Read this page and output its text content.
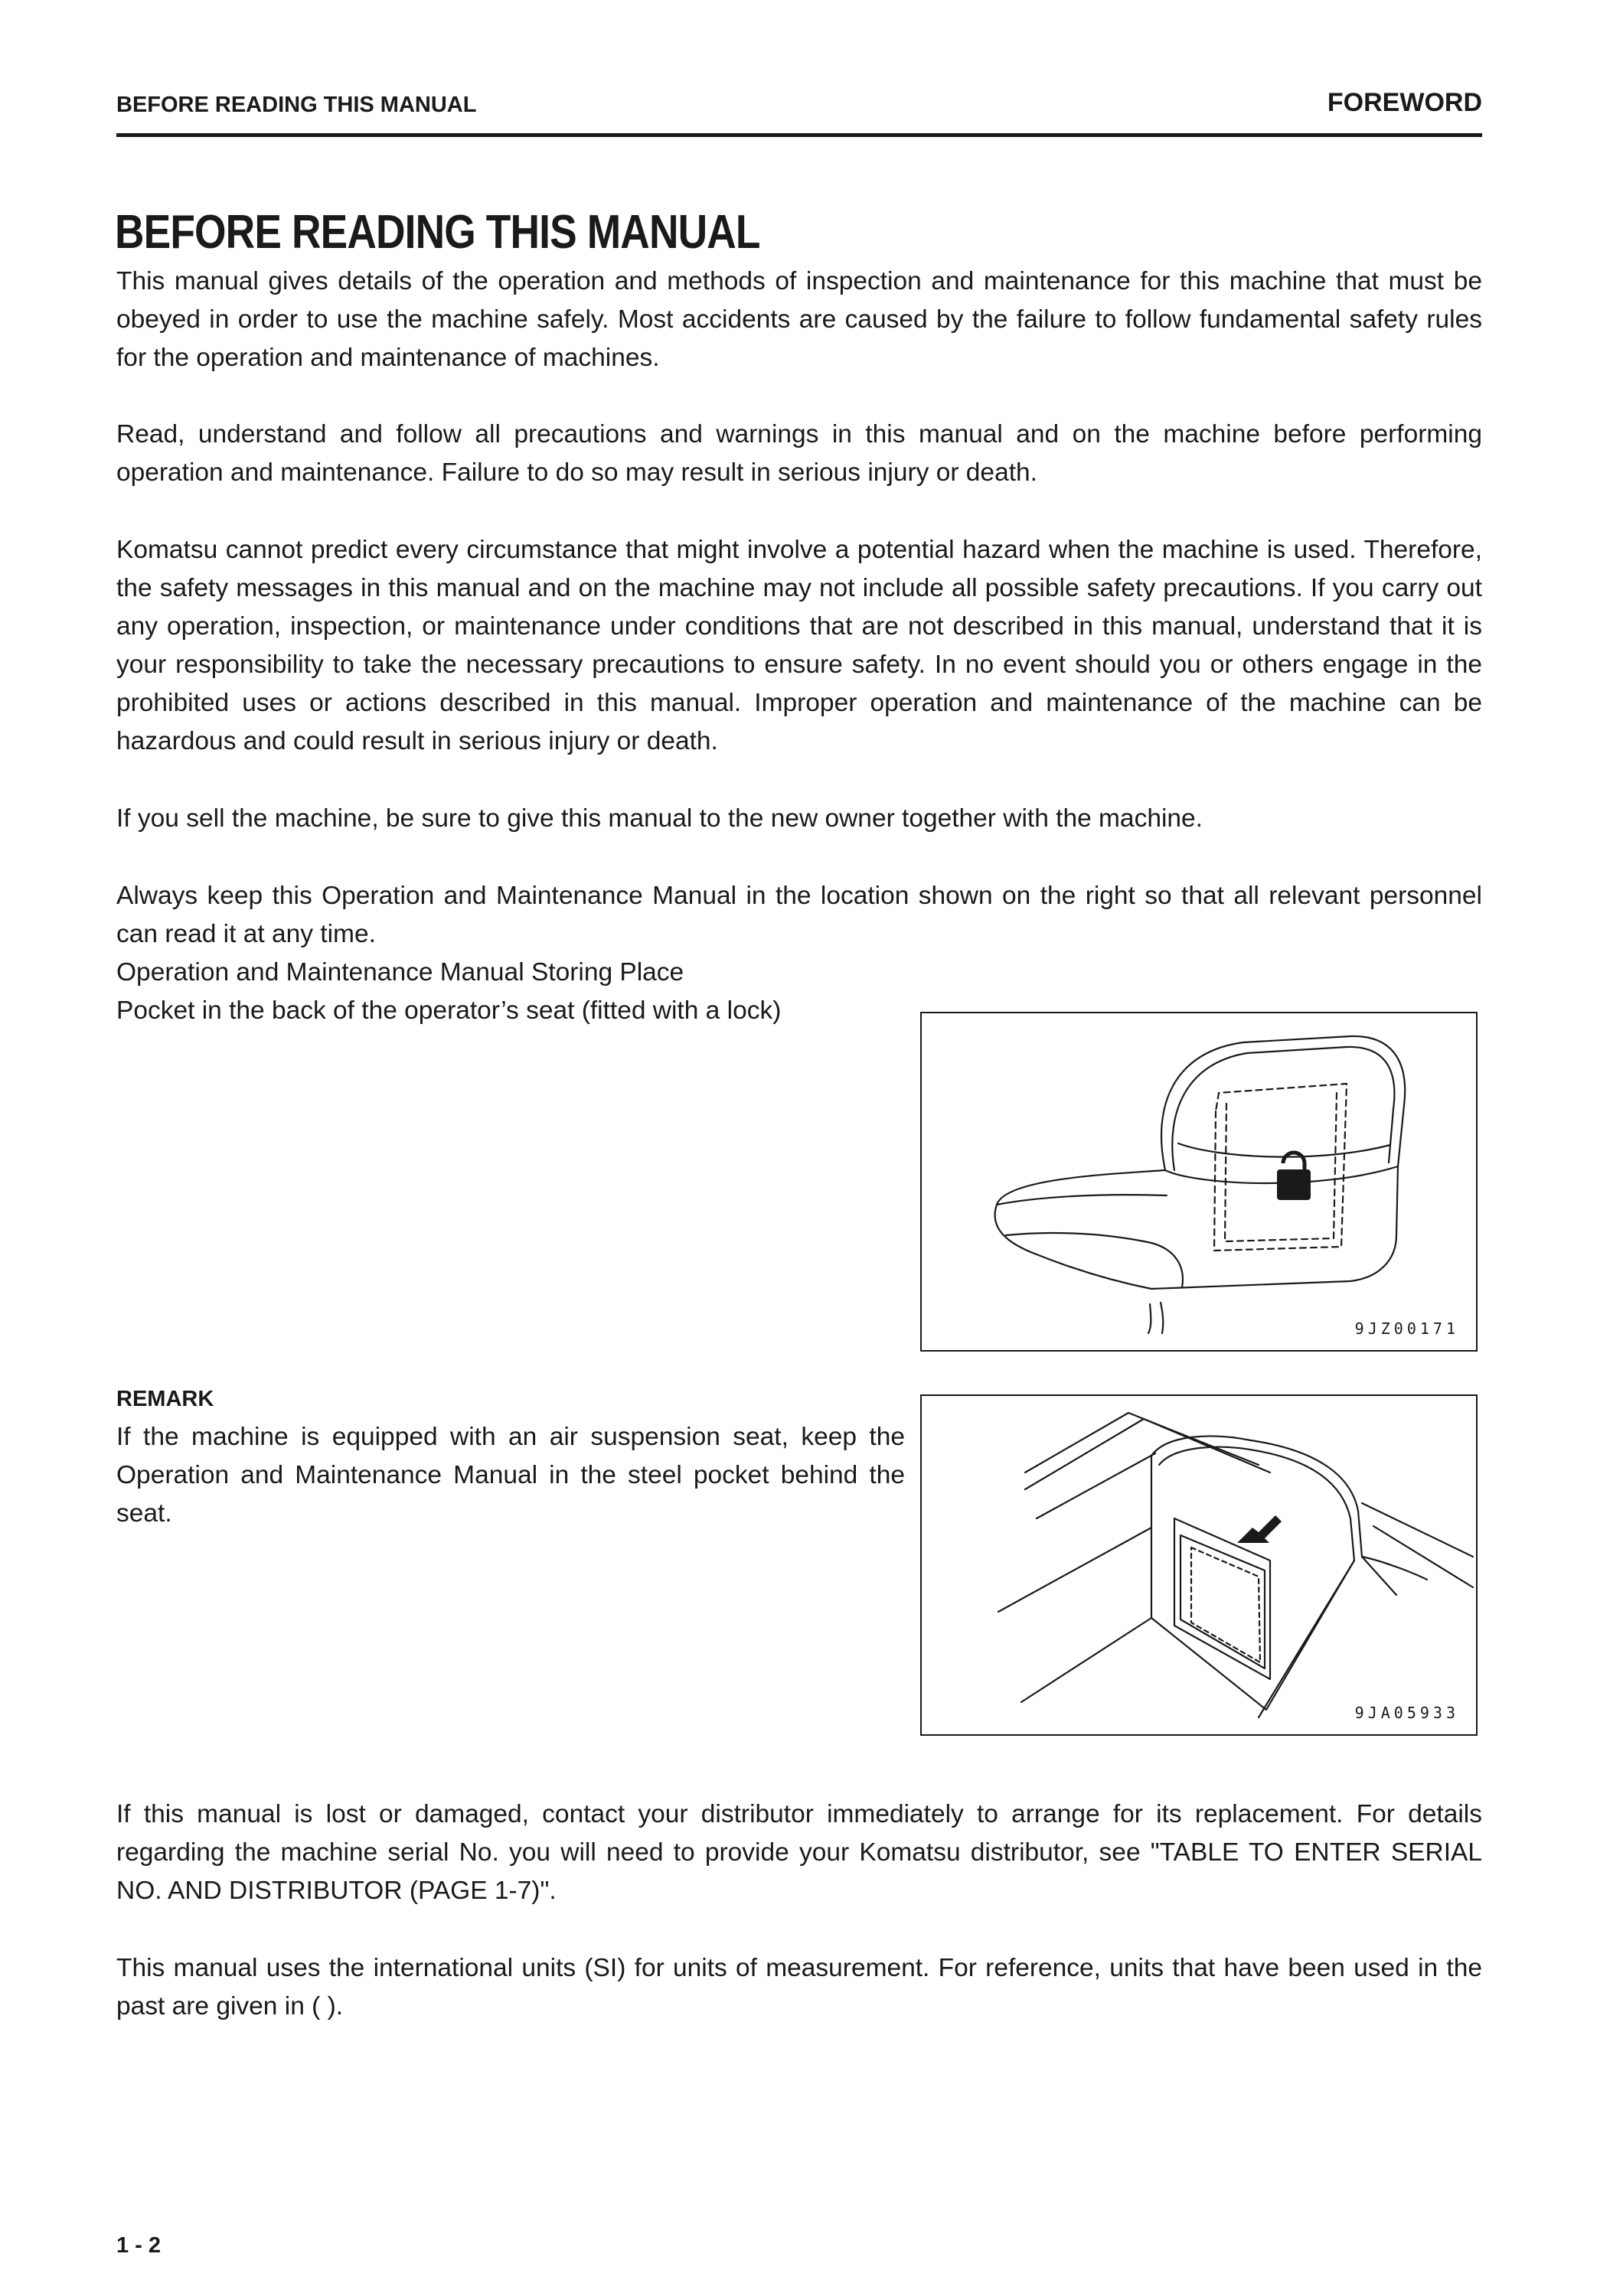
BEFORE READING THIS MANUAL	FOREWORD
BEFORE READING THIS MANUAL

This manual gives details of the operation and methods of inspection and maintenance for this machine that must be obeyed in order to use the machine safely. Most accidents are caused by the failure to follow fundamental safety rules for the operation and maintenance of machines.

Read, understand and follow all precautions and warnings in this manual and on the machine before performing operation and maintenance. Failure to do so may result in serious injury or death.

Komatsu cannot predict every circumstance that might involve a potential hazard when the machine is used. Therefore, the safety messages in this manual and on the machine may not include all possible safety precautions. If you carry out any operation, inspection, or maintenance under conditions that are not described in this manual, understand that it is your responsibility to take the necessary precautions to ensure safety. In no event should you or others engage in the prohibited uses or actions described in this manual. Improper operation and maintenance of the machine can be hazardous and could result in serious injury or death.

If you sell the machine, be sure to give this manual to the new owner together with the machine.

Always keep this Operation and Maintenance Manual in the location shown on the right so that all relevant personnel can read it at any time.

Operation and Maintenance Manual Storing Place

Pocket in the back of the operator’s seat (fitted with a lock)

9JZ00171

REMARK

If the machine is equipped with an air suspension seat, keep the Operation and Maintenance Manual in the steel pocket behind the seat.

9JA05933

If this manual is lost or damaged, contact your distributor immediately to arrange for its replacement. For details regarding the machine serial No. you will need to provide your Komatsu distributor, see "TABLE TO ENTER SERIAL NO. AND DISTRIBUTOR (PAGE 1-7)".

This manual uses the international units (SI) for units of measurement. For reference, units that have been used in the past are given in ( ).

1 - 2
